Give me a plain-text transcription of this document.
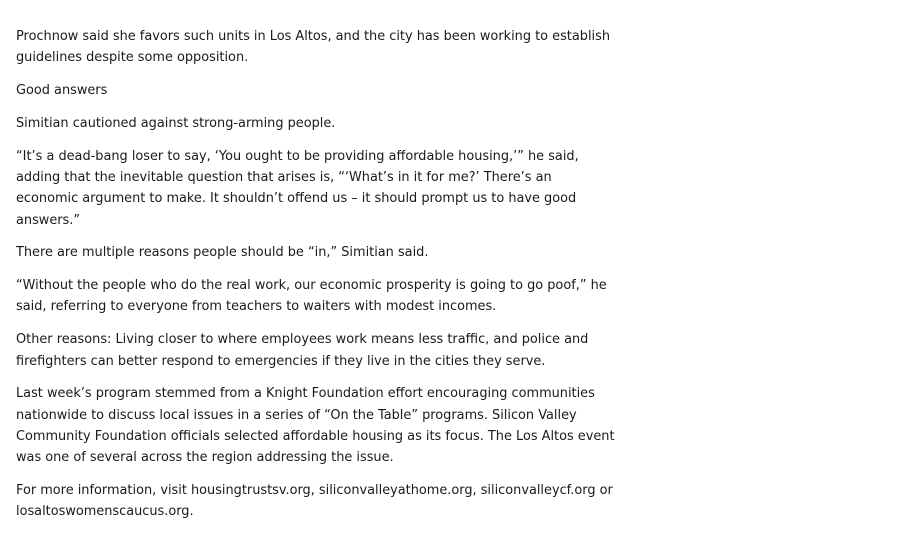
Prochnow said she favors such units in Los Altos, and the city has been working to establish guidelines despite some opposition.

Good answers

Simitian cautioned against strong-arming people.

“It’s a dead-bang loser to say, ‘You ought to be providing affordable housing,’” he said, adding that the inevitable question that arises is, “‘What’s in it for me?’ There’s an economic argument to make. It shouldn’t offend us – it should prompt us to have good answers.”

There are multiple reasons people should be “in,” Simitian said.

“Without the people who do the real work, our economic prosperity is going to go poof,” he said, referring to everyone from teachers to waiters with modest incomes.

Other reasons: Living closer to where employees work means less traffic, and police and firefighters can better respond to emergencies if they live in the cities they serve.

Last week’s program stemmed from a Knight Foundation effort encouraging communities nationwide to discuss local issues in a series of “On the Table” programs. Silicon Valley Community Foundation officials selected affordable housing as its focus. The Los Altos event was one of several across the region addressing the issue.

For more information, visit housingtrustsv.org, siliconvalleyathome.org, siliconvalleycf.org or losaltoswomenscaucus.org.
